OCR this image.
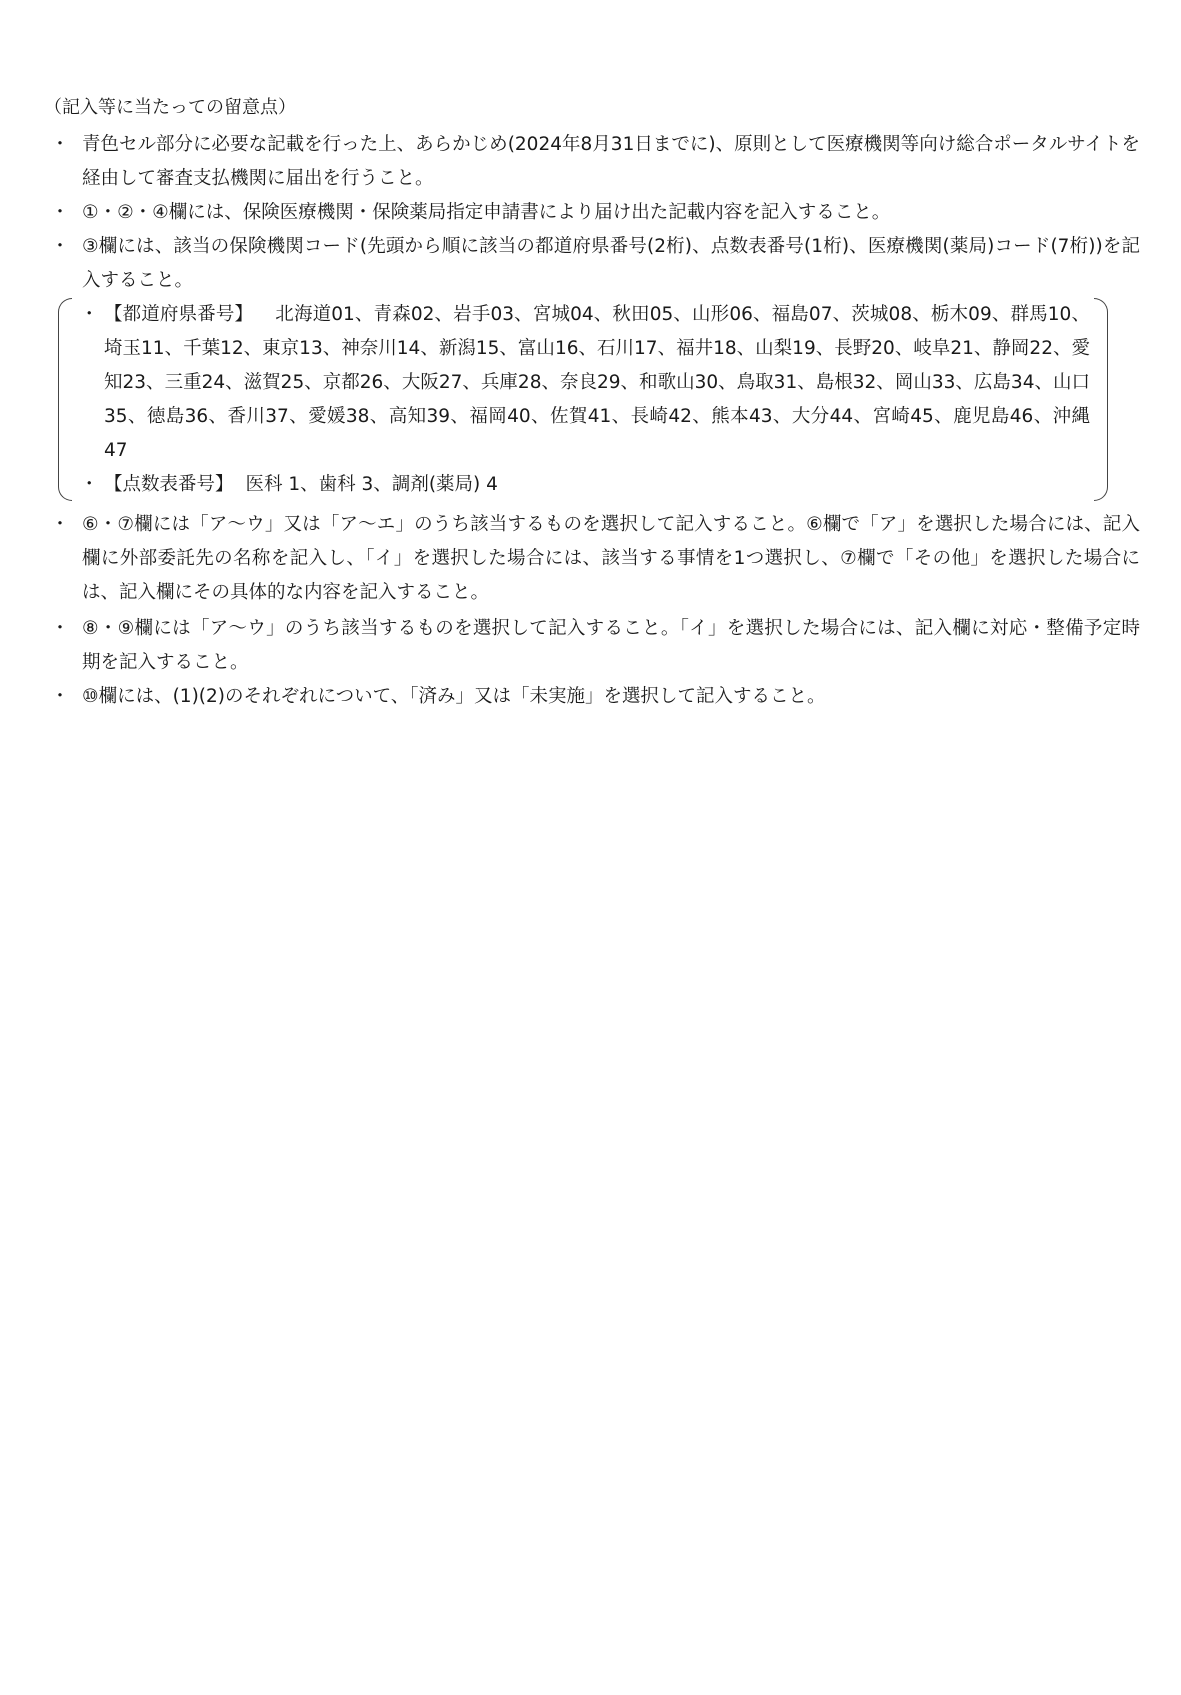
（記入等に当たっての留意点）
・ 青色セル部分に必要な記載を行った上、あらかじめ(2024年8月31日までに)、原則として医療機関等向け総合ポータルサイトを経由して審査支払機関に届出を行うこと。
・ ①・②・④欄には、保険医療機関・保険薬局指定申請書により届け出た記載内容を記入すること。
・ ③欄には、該当の保険機関コード(先頭から順に該当の都道府県番号(2桁)、点数表番号(1桁)、医療機関(薬局)コード(7桁))を記入すること。
・ 【都道府県番号】 北海道01、青森02、岩手03、宮城04、秋田05、山形06、福島07、茨城08、栃木09、群馬10、埼玉11、千葉12、東京13、神奈川14、新潟15、富山16、石川17、福井18、山梨19、長野20、岐阜21、静岡22、愛知23、三重24、滋賀25、京都26、大阪27、兵庫28、奈良29、和歌山30、鳥取31、島根32、岡山33、広島34、山口35、徳島36、香川37、愛媛38、高知39、福岡40、佐賀41、長崎42、熊本43、大分44、宮崎45、鹿児島46、沖縄47
・ 【点数表番号】 医科 1、歯科 3、調剤(薬局) 4
・ ⑥・⑦欄には「ア～ウ」又は「ア～エ」のうち該当するものを選択して記入すること。⑥欄で「ア」を選択した場合には、記入欄に外部委託先の名称を記入し、「イ」を選択した場合には、該当する事情を1つ選択し、⑦欄で「その他」を選択した場合には、記入欄にその具体的な内容を記入すること。
・ ⑧・⑨欄には「ア～ウ」のうち該当するものを選択して記入すること。「イ」を選択した場合には、記入欄に対応・整備予定時期を記入すること。
・ ⑩欄には、(1)(2)のそれぞれについて、「済み」又は「未実施」を選択して記入すること。
